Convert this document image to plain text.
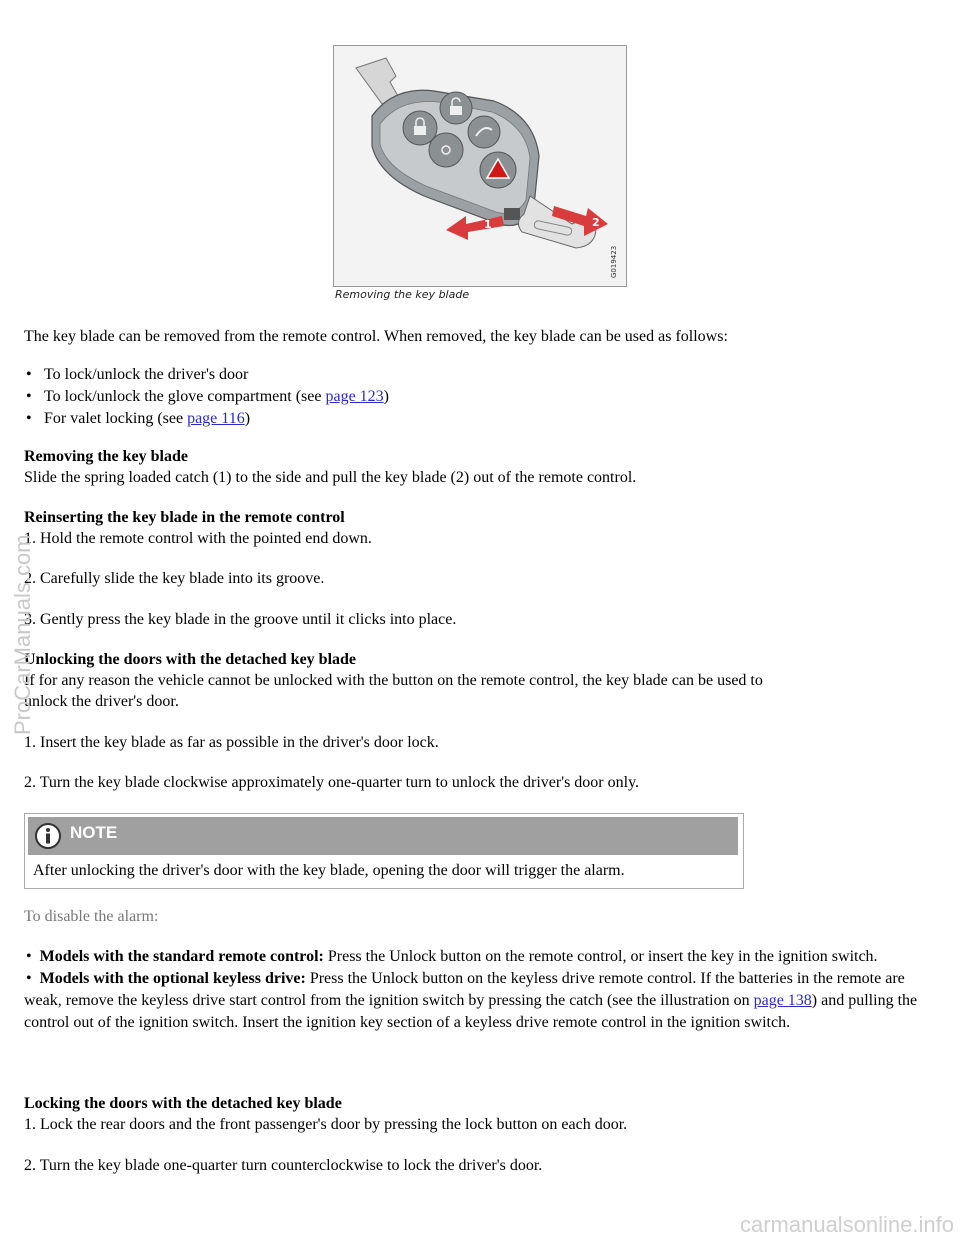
1	2
G019423
Removing the key blade
The key blade can be removed from the remote control. When removed, the key blade can be used as follows:
• To lock/unlock the driver's door
• To lock/unlock the glove compartment (see page 123)
• For valet locking (see page 116)
Removing the key blade
Slide the spring loaded catch (1) to the side and pull the key blade (2) out of the remote control.
Reinserting the key blade in the remote control
1. Hold the remote control with the pointed end down.
2. Carefully slide the key blade into its groove.
3. Gently press the key blade in the groove until it clicks into place.
Unlocking the doors with the detached key blade
If for any reason the vehicle cannot be unlocked with the button on the remote control, the key blade can be used to
unlock the driver's door.
1. Insert the key blade as far as possible in the driver's door lock.
2. Turn the key blade clockwise approximately one-quarter turn to unlock the driver's door only.
NOTE
After unlocking the driver's door with the key blade, opening the door will trigger the alarm.
To disable the alarm:

•  Models with the standard remote control: Press the Unlock button on the remote control, or insert the key in the ignition switch.

•  Models with the optional keyless drive: Press the Unlock button on the keyless drive remote control. If the batteries in the remote are weak, remove the keyless drive start control from the ignition switch by pressing the catch (see the illustration on page 138) and pulling the control out of the ignition switch. Insert the ignition key section of a keyless drive remote control in the ignition switch.

Locking the doors with the detached key blade
1. Lock the rear doors and the front passenger's door by pressing the lock button on each door.
2. Turn the key blade one-quarter turn counterclockwise to lock the driver's door.
ProCarManuals.com
carmanualsonline.info
